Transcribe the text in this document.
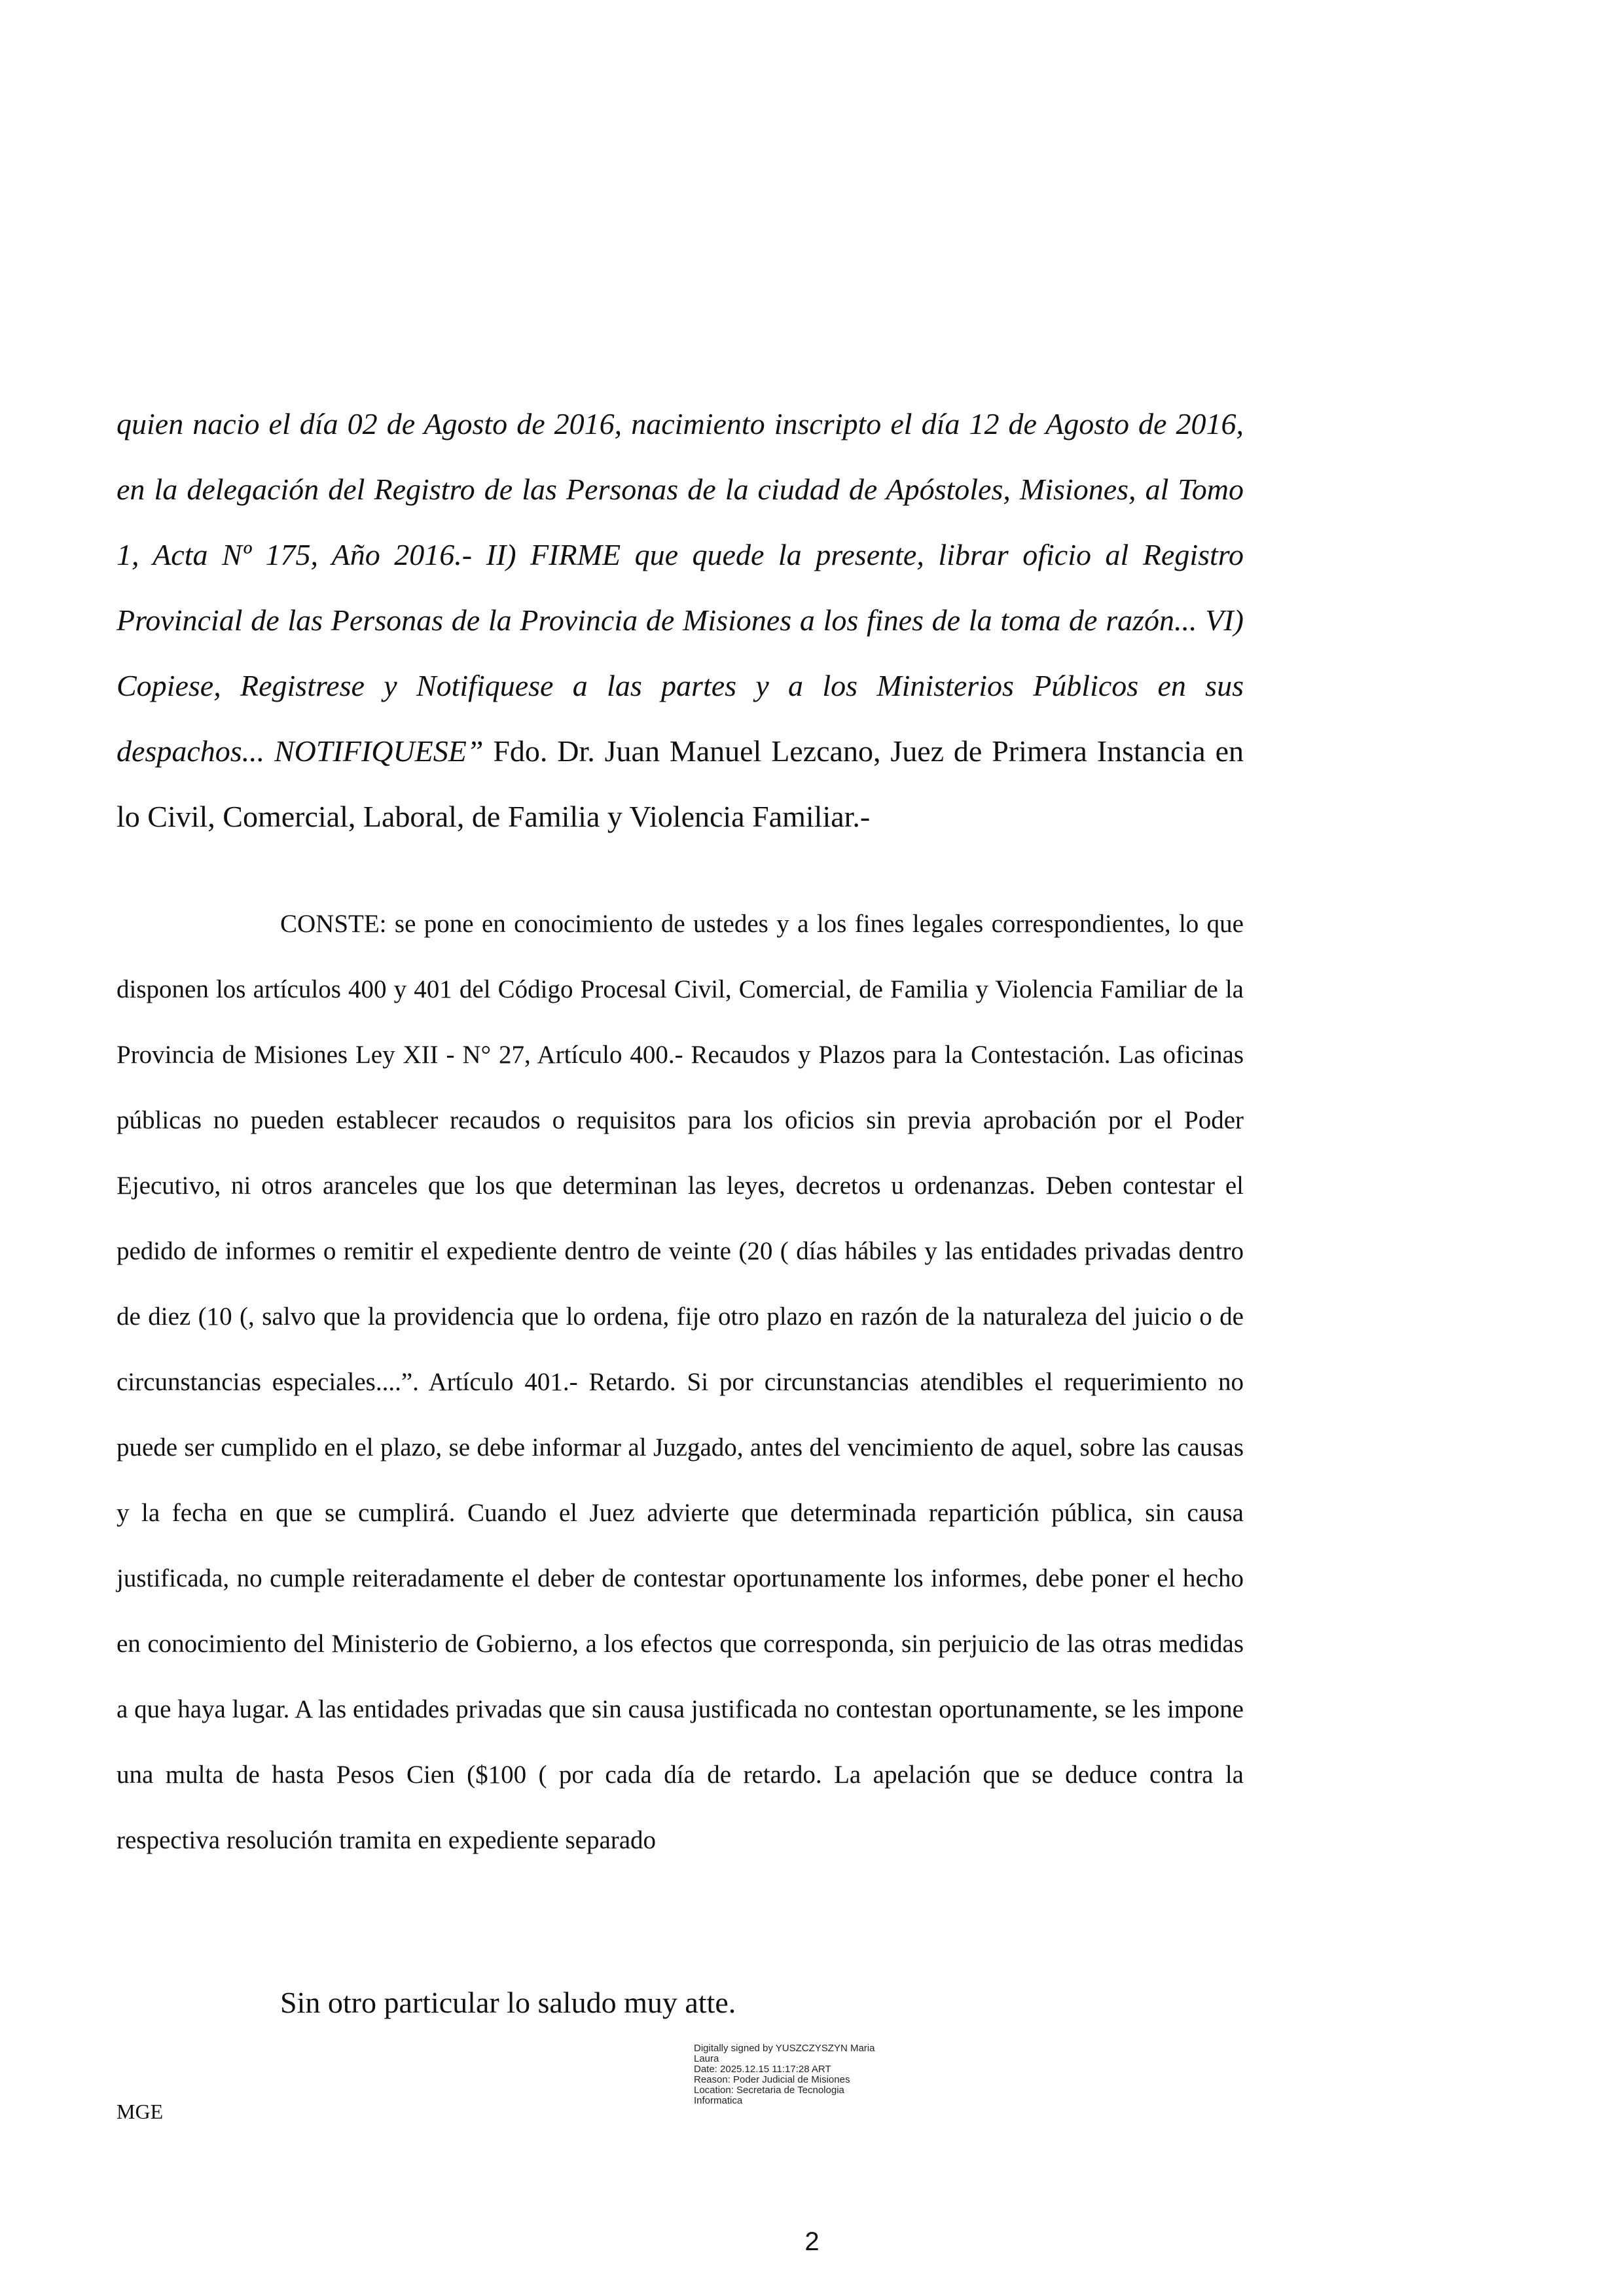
quien nacio el día 02 de Agosto de 2016, nacimiento inscripto el día 12 de Agosto de 2016, en la delegación del Registro de las Personas de la ciudad de Apóstoles, Misiones, al Tomo 1, Acta Nº 175, Año 2016.- II) FIRME que quede la presente, librar oficio al Registro Provincial de las Personas de la Provincia de Misiones a los fines de la toma de razón... VI) Copiese, Registrese y Notifiquese a las partes y a los Ministerios Públicos en sus despachos... NOTIFIQUESE” Fdo. Dr. Juan Manuel Lezcano, Juez de Primera Instancia en lo Civil, Comercial, Laboral, de Familia y Violencia Familiar.-

CONSTE: se pone en conocimiento de ustedes y a los fines legales correspondientes, lo que disponen los artículos 400 y 401 del Código Procesal Civil, Comercial, de Familia y Violencia Familiar de la Provincia de Misiones Ley XII - N° 27, Artículo 400.- Recaudos y Plazos para la Contestación. Las oficinas públicas no pueden establecer recaudos o requisitos para los oficios sin previa aprobación por el Poder Ejecutivo, ni otros aranceles que los que determinan las leyes, decretos u ordenanzas. Deben contestar el pedido de informes o remitir el expediente dentro de veinte (20 ( días hábiles y las entidades privadas dentro de diez (10 (, salvo que la providencia que lo ordena, fije otro plazo en razón de la naturaleza del juicio o de circunstancias especiales....”. Artículo 401.- Retardo. Si por circunstancias atendibles el requerimiento no puede ser cumplido en el plazo, se debe informar al Juzgado, antes del vencimiento de aquel, sobre las causas y la fecha en que se cumplirá. Cuando el Juez advierte que determinada repartición pública, sin causa justificada, no cumple reiteradamente el deber de contestar oportunamente los informes, debe poner el hecho en conocimiento del Ministerio de Gobierno, a los efectos que corresponda, sin perjuicio de las otras medidas a que haya lugar. A las entidades privadas que sin causa justificada no contestan oportunamente, se les impone una multa de hasta Pesos Cien ($100 ( por cada día de retardo. La apelación que se deduce contra la respectiva resolución tramita en expediente separado

Sin otro particular lo saludo muy atte.
Digitally signed by YUSZCZYSZYN Maria
Laura
Date: 2025.12.15 11:17:28 ART
Reason: Poder Judicial de Misiones
Location: Secretaria de Tecnologia
Informatica
MGE
2
